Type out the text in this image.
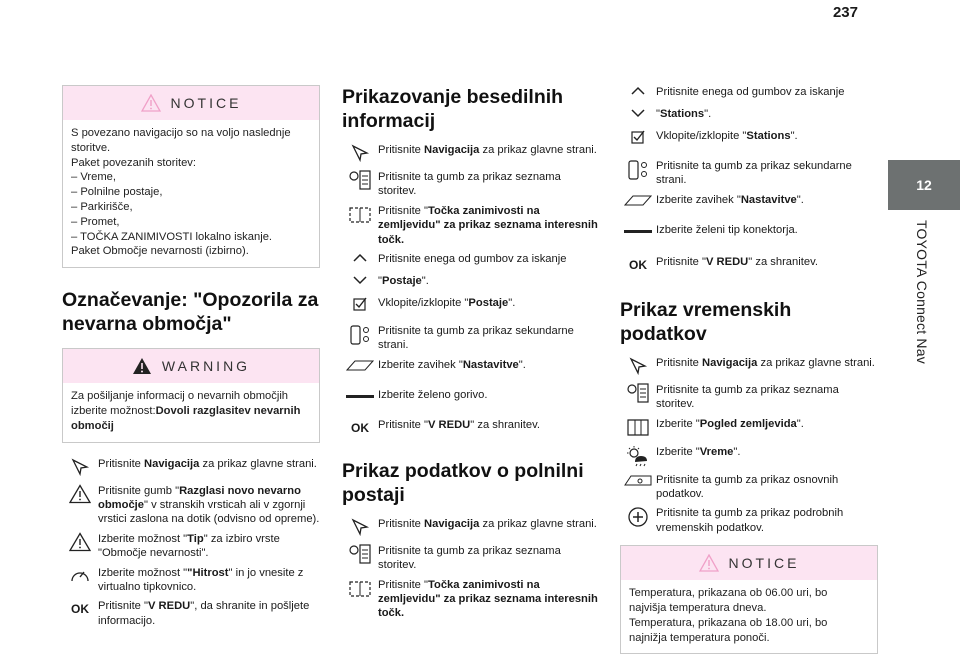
237
12
TOYOTA Connect Nav
NOTICE
S povezano navigacijo so na voljo naslednje
storitve.
Paket povezanih storitev:
– Vreme,
– Polnilne postaje,
– Parkirišče,
– Promet,
– TOČKA ZANIMIVOSTI lokalno iskanje.
Paket Območje nevarnosti (izbirno).
Označevanje: "Opozorila za nevarna območja"
WARNING
Za pošiljanje informacij o nevarnih območjih izberite možnost:Dovoli razglasitev nevarnih območij
Pritisnite Navigacija za prikaz glavne strani.
Pritisnite gumb "Razglasi novo nevarno območje" v stranskih vrsticah ali v zgornji vrstici zaslona na dotik (odvisno od opreme).
Izberite možnost "Tip" za izbiro vrste "Območje nevarnosti".
Izberite možnost ""Hitrost" in jo vnesite z virtualno tipkovnico.
OK Pritisnite "V REDU", da shranite in pošljete informacijo.
Prikazovanje besedilnih informacij
Pritisnite Navigacija za prikaz glavne strani.
Pritisnite ta gumb za prikaz seznama storitev.
Pritisnite "Točka zanimivosti na zemljevidu" za prikaz seznama interesnih točk.
Pritisnite enega od gumbov za iskanje
"Postaje".
Vklopite/izklopite "Postaje".
Pritisnite ta gumb za prikaz sekundarne strani.
Izberite zavihek "Nastavitve".
Izberite želeno gorivo.
OK Pritisnite "V REDU" za shranitev.
Prikaz podatkov o polnilni postaji
Pritisnite Navigacija za prikaz glavne strani.
Pritisnite ta gumb za prikaz seznama storitev.
Pritisnite "Točka zanimivosti na zemljevidu" za prikaz seznama interesnih točk.
Pritisnite enega od gumbov za iskanje
"Stations".
Vklopite/izklopite "Stations".
Pritisnite ta gumb za prikaz sekundarne strani.
Izberite zavihek "Nastavitve".
Izberite želeni tip konektorja.
OK Pritisnite "V REDU" za shranitev.
Prikaz vremenskih podatkov
Pritisnite Navigacija za prikaz glavne strani.
Pritisnite ta gumb za prikaz seznama storitev.
Izberite "Pogled zemljevida".
Izberite "Vreme".
Pritisnite ta gumb za prikaz osnovnih podatkov.
Pritisnite ta gumb za prikaz podrobnih vremenskih podatkov.
NOTICE
Temperatura, prikazana ob 06.00 uri, bo
najvišja temperatura dneva.
Temperatura, prikazana ob 18.00 uri, bo
najnižja temperatura ponoči.
